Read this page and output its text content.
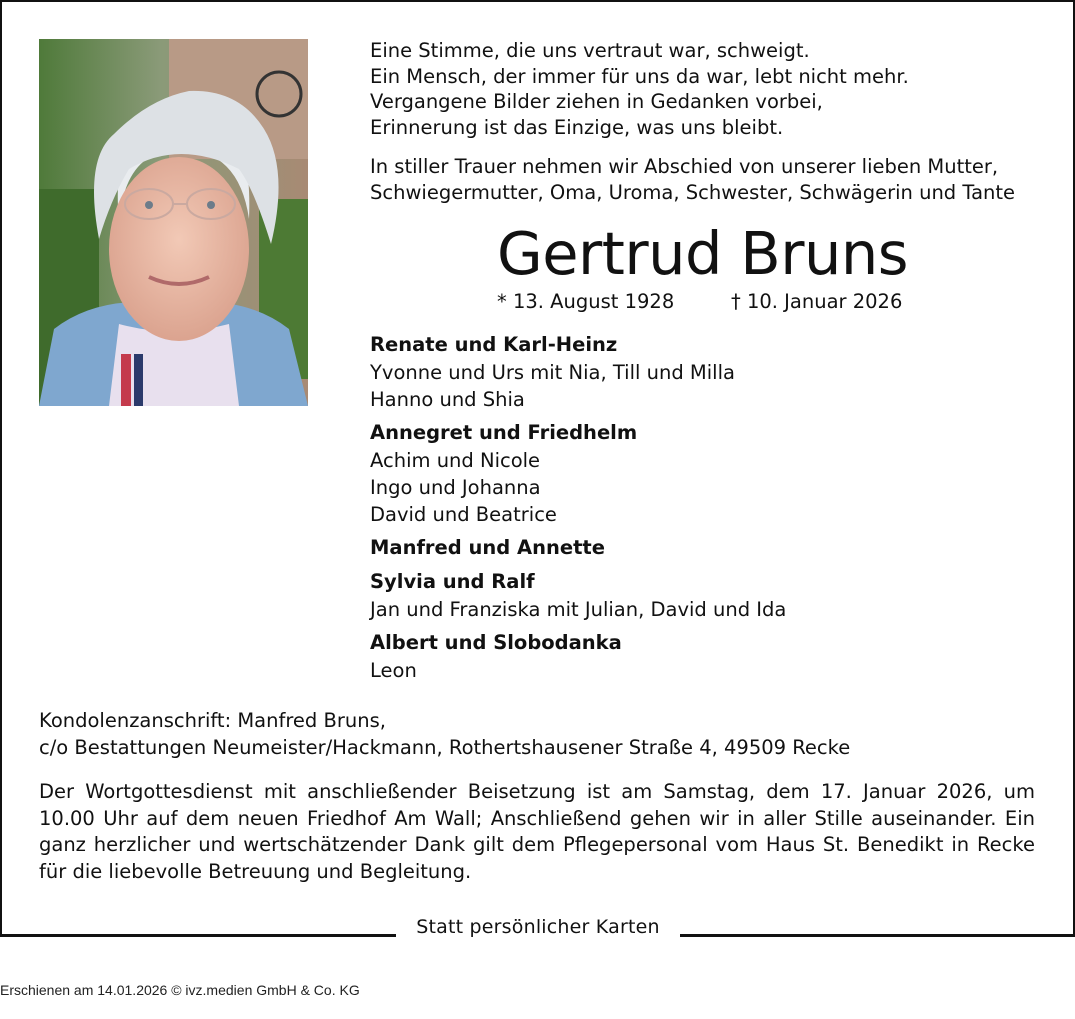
Statt persönlicher Karten
Eine Stimme, die uns vertraut war, schweigt.
Ein Mensch, der immer für uns da war, lebt nicht mehr.
Vergangene Bilder ziehen in Gedanken vorbei,
Erinnerung ist das Einzige, was uns bleibt.
In stiller Trauer nehmen wir Abschied von unserer lieben Mutter,
Schwiegermutter, Oma, Uroma, Schwester, Schwägerin und Tante
Gertrud Bruns
* 13. August 1928	† 10. Januar 2026
Renate und Karl-Heinz
Yvonne und Urs mit Nia, Till und Milla
Hanno und Shia
Annegret und Friedhelm
Achim und Nicole
Ingo und Johanna
David und Beatrice
Manfred und Annette
Sylvia und Ralf
Jan und Franziska mit Julian, David und Ida
Albert und Slobodanka
Leon
Kondolenzanschrift: Manfred Bruns,
c/o Bestattungen Neumeister/Hackmann, Rothertshausener Straße 4, 49509 Recke
Der Wortgottesdienst mit anschließender Beisetzung ist am Samstag, dem 17. Januar 2026, um 10.00 Uhr auf dem neuen Friedhof Am Wall; Anschließend gehen wir in aller Stille auseinander. Ein ganz herzlicher und wertschätzender Dank gilt dem Pflegepersonal vom Haus St. Benedikt in Recke für die liebevolle Betreuung und Begleitung.
Erschienen am 14.01.2026 © ivz.medien GmbH & Co. KG
